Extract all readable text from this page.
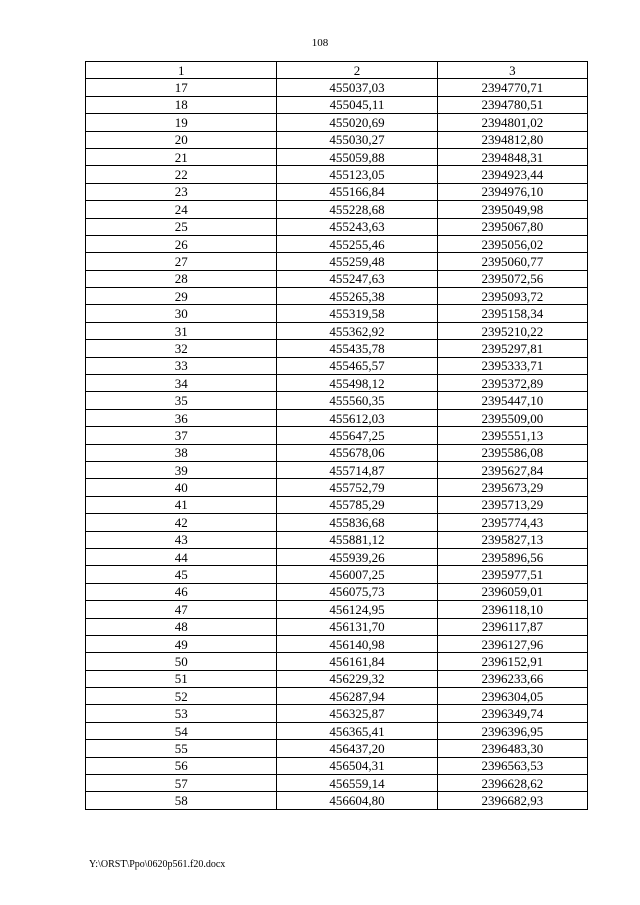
108
1	2	3
17	455037,03	2394770,71
18	455045,11	2394780,51
19	455020,69	2394801,02
20	455030,27	2394812,80
21	455059,88	2394848,31
22	455123,05	2394923,44
23	455166,84	2394976,10
24	455228,68	2395049,98
25	455243,63	2395067,80
26	455255,46	2395056,02
27	455259,48	2395060,77
28	455247,63	2395072,56
29	455265,38	2395093,72
30	455319,58	2395158,34
31	455362,92	2395210,22
32	455435,78	2395297,81
33	455465,57	2395333,71
34	455498,12	2395372,89
35	455560,35	2395447,10
36	455612,03	2395509,00
37	455647,25	2395551,13
38	455678,06	2395586,08
39	455714,87	2395627,84
40	455752,79	2395673,29
41	455785,29	2395713,29
42	455836,68	2395774,43
43	455881,12	2395827,13
44	455939,26	2395896,56
45	456007,25	2395977,51
46	456075,73	2396059,01
47	456124,95	2396118,10
48	456131,70	2396117,87
49	456140,98	2396127,96
50	456161,84	2396152,91
51	456229,32	2396233,66
52	456287,94	2396304,05
53	456325,87	2396349,74
54	456365,41	2396396,95
55	456437,20	2396483,30
56	456504,31	2396563,53
57	456559,14	2396628,62
58	456604,80	2396682,93
Y:\ORST\Ppo\0620p561.f20.docx
